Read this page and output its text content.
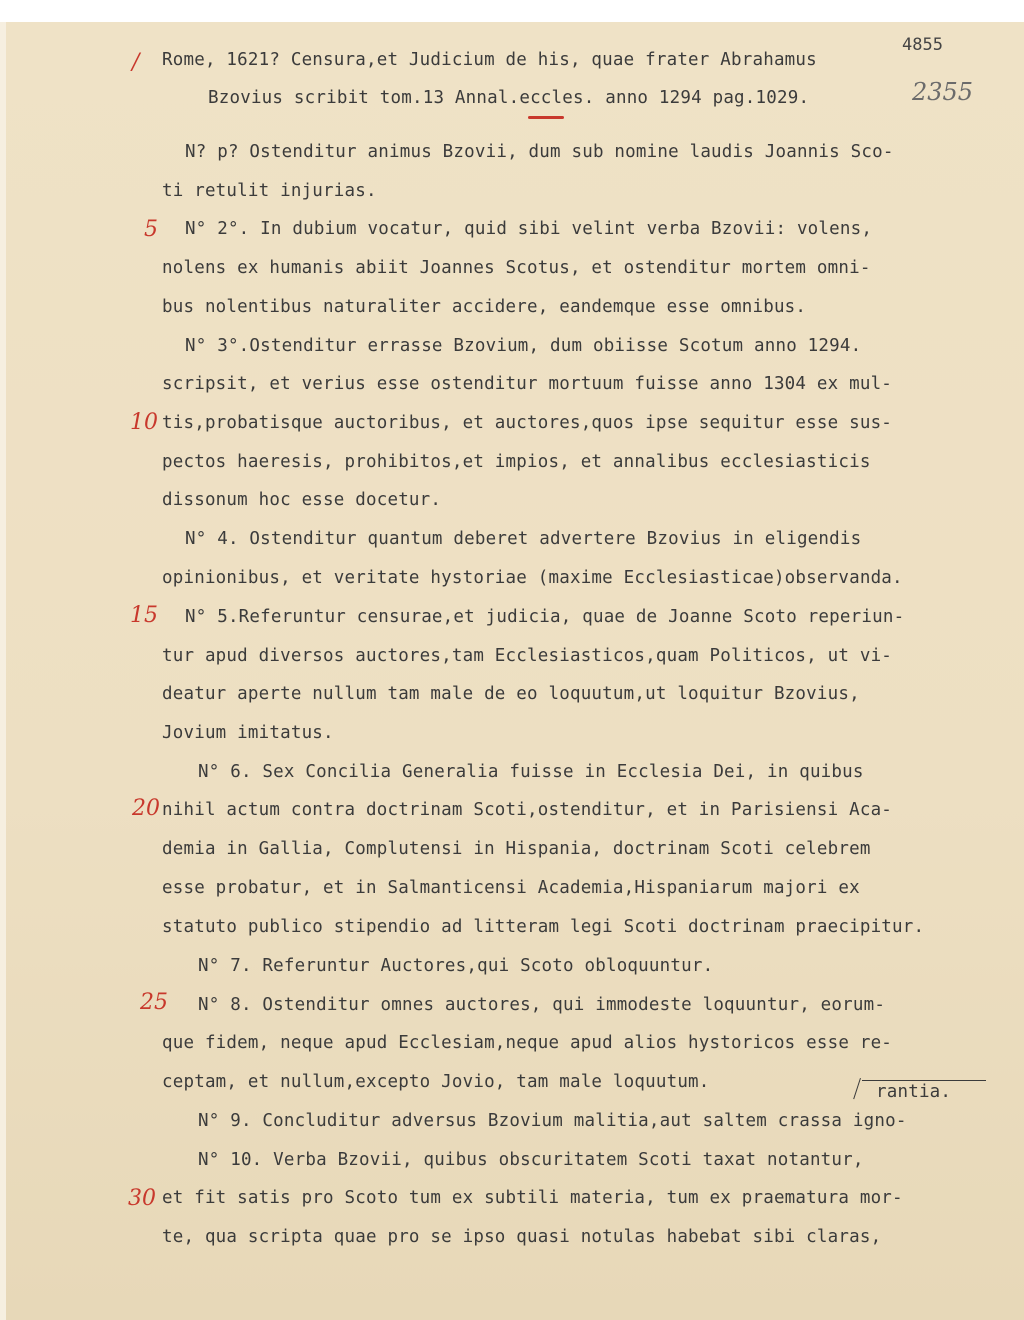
4855
2355
Rome, 1621? Censura,et Judicium de his, quae frater Abrahamus
Bzovius scribit tom.13 Annal.eccles. anno 1294 pag.1029.
N? p? Ostenditur animus Bzovii, dum sub nomine laudis Joannis Sco-
ti retulit injurias.
N° 2°. In dubium vocatur, quid sibi velint verba Bzovii: volens,
nolens ex humanis abiit Joannes Scotus, et ostenditur mortem omni-
bus nolentibus naturaliter accidere, eandemque esse omnibus.
N° 3°.Ostenditur errasse Bzovium, dum obiisse Scotum anno 1294.
scripsit, et verius esse ostenditur mortuum fuisse anno 1304 ex mul-
tis,probatisque auctoribus, et auctores,quos ipse sequitur esse sus-
pectos haeresis, prohibitos,et impios, et annalibus ecclesiasticis
dissonum hoc esse docetur.
N° 4. Ostenditur quantum deberet advertere Bzovius in eligendis
opinionibus, et veritate hystoriae (maxime Ecclesiasticae)observanda.
N° 5.Referuntur censurae,et judicia, quae de Joanne Scoto reperiun-
tur apud diversos auctores,tam Ecclesiasticos,quam Politicos, ut vi-
deatur aperte nullum tam male de eo loquutum,ut loquitur Bzovius,
Jovium imitatus.
N° 6. Sex Concilia Generalia fuisse in Ecclesia Dei, in quibus
nihil actum contra doctrinam Scoti,ostenditur, et in Parisiensi Aca-
demia in Gallia, Complutensi in Hispania, doctrinam Scoti celebrem
esse probatur, et in Salmanticensi Academia,Hispaniarum majori ex
statuto publico stipendio ad litteram legi Scoti doctrinam praecipitur.
N° 7. Referuntur Auctores,qui Scoto obloquuntur.
N° 8. Ostenditur omnes auctores, qui immodeste loquuntur, eorum-
que fidem, neque apud Ecclesiam,neque apud alios hystoricos esse re-
ceptam, et nullum,excepto Jovio, tam male loquutum.	rantia.
N° 9. Concluditur adversus Bzovium malitia,aut saltem crassa igno-
N° 10. Verba Bzovii, quibus obscuritatem Scoti taxat notantur,
et fit satis pro Scoto tum ex subtili materia, tum ex praematura mor-
te, qua scripta quae pro se ipso quasi notulas habebat sibi claras,
/
5
10
15
20
25
30
